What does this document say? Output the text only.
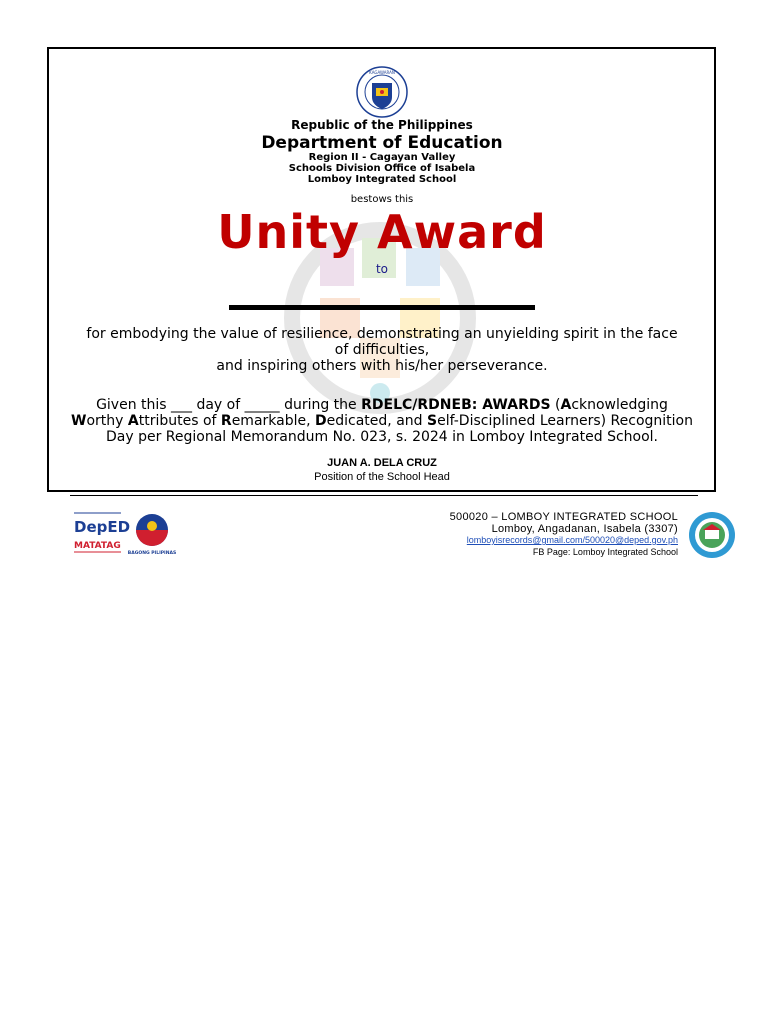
KAGAWARAN
Republic of the Philippines
Department of Education
Region II - Cagayan Valley
Schools Division Office of Isabela
Lomboy Integrated School
bestows this
Unity Award
to
for embodying the value of resilience, demonstrating an unyielding spirit in the face of difficulties,
and inspiring others with his/her perseverance.
Given this ___ day of _____ during the RDELC/RDNEB: AWARDS (Acknowledging Worthy Attributes of Remarkable, Dedicated, and Self-Disciplined Learners) Recognition Day per Regional Memorandum No. 023, s. 2024 in Lomboy Integrated School.
JUAN A. DELA CRUZ
Position of the School Head
DepED
MATATAG
BAGONG PILIPINAS
500020 – LOMBOY INTEGRATED SCHOOL
Lomboy, Angadanan, Isabela (3307)
lomboyisrecords@gmail.com/500020@deped.gov.ph
FB Page: Lomboy Integrated School
